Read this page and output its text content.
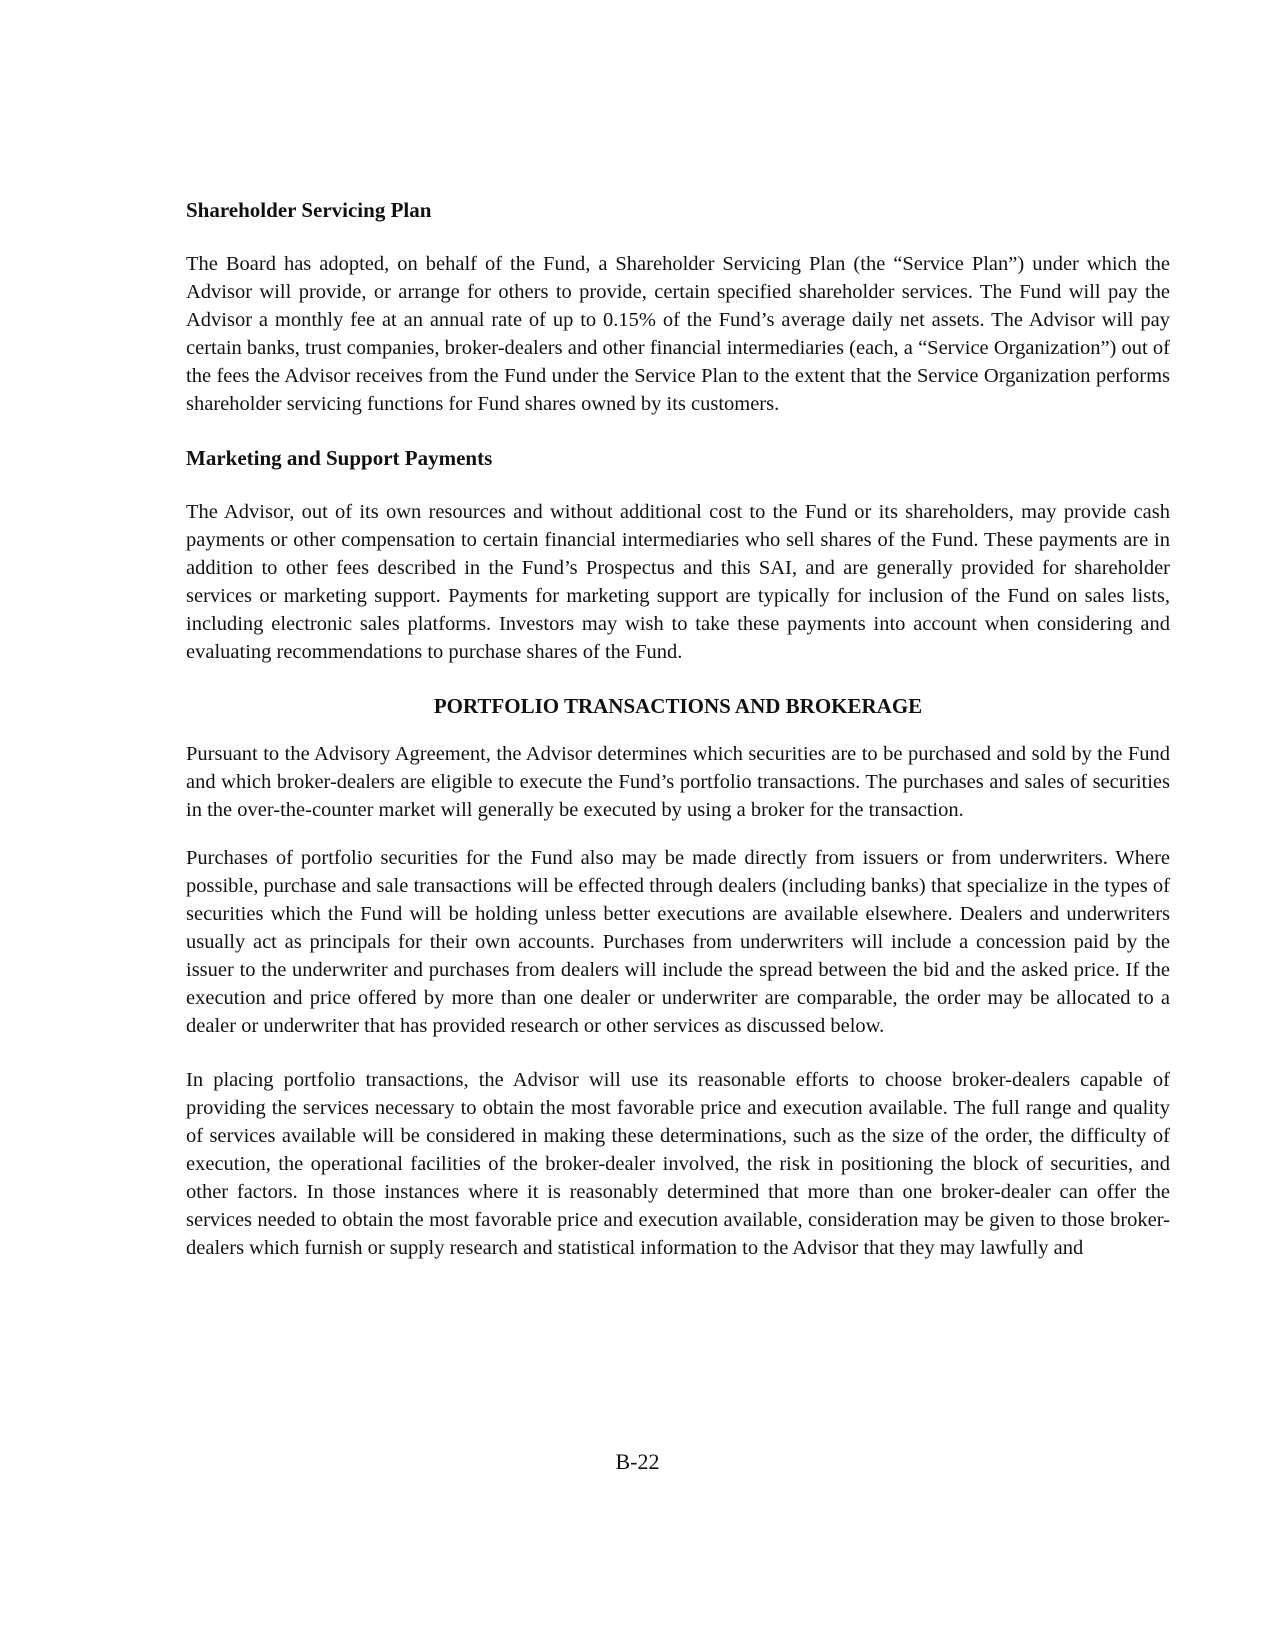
Shareholder Servicing Plan

The Board has adopted, on behalf of the Fund, a Shareholder Servicing Plan (the “Service Plan”) under which the Advisor will provide, or arrange for others to provide, certain specified shareholder services. The Fund will pay the Advisor a monthly fee at an annual rate of up to 0.15% of the Fund’s average daily net assets. The Advisor will pay certain banks, trust companies, broker-dealers and other financial intermediaries (each, a “Service Organization”) out of the fees the Advisor receives from the Fund under the Service Plan to the extent that the Service Organization performs shareholder servicing functions for Fund shares owned by its customers.

Marketing and Support Payments

The Advisor, out of its own resources and without additional cost to the Fund or its shareholders, may provide cash payments or other compensation to certain financial intermediaries who sell shares of the Fund. These payments are in addition to other fees described in the Fund’s Prospectus and this SAI, and are generally provided for shareholder services or marketing support. Payments for marketing support are typically for inclusion of the Fund on sales lists, including electronic sales platforms. Investors may wish to take these payments into account when considering and evaluating recommendations to purchase shares of the Fund.

PORTFOLIO TRANSACTIONS AND BROKERAGE

Pursuant to the Advisory Agreement, the Advisor determines which securities are to be purchased and sold by the Fund and which broker-dealers are eligible to execute the Fund’s portfolio transactions. The purchases and sales of securities in the over-the-counter market will generally be executed by using a broker for the transaction.

Purchases of portfolio securities for the Fund also may be made directly from issuers or from underwriters. Where possible, purchase and sale transactions will be effected through dealers (including banks) that specialize in the types of securities which the Fund will be holding unless better executions are available elsewhere. Dealers and underwriters usually act as principals for their own accounts. Purchases from underwriters will include a concession paid by the issuer to the underwriter and purchases from dealers will include the spread between the bid and the asked price. If the execution and price offered by more than one dealer or underwriter are comparable, the order may be allocated to a dealer or underwriter that has provided research or other services as discussed below.

In placing portfolio transactions, the Advisor will use its reasonable efforts to choose broker-dealers capable of providing the services necessary to obtain the most favorable price and execution available. The full range and quality of services available will be considered in making these determinations, such as the size of the order, the difficulty of execution, the operational facilities of the broker-dealer involved, the risk in positioning the block of securities, and other factors. In those instances where it is reasonably determined that more than one broker-dealer can offer the services needed to obtain the most favorable price and execution available, consideration may be given to those broker-dealers which furnish or supply research and statistical information to the Advisor that they may lawfully and

B-22
